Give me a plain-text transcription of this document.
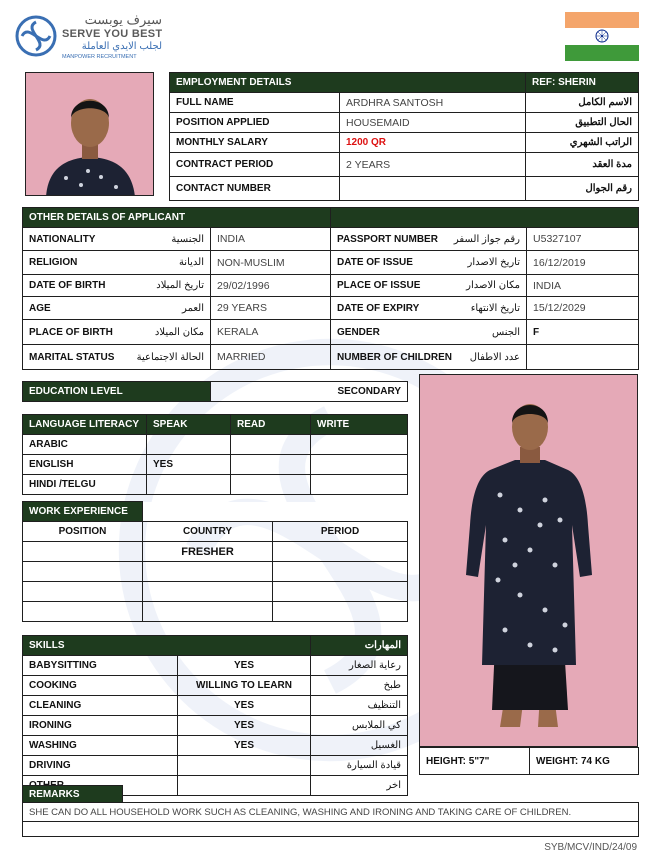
سيرف يوبست
SERVE YOU BEST
لجلب الايدي العاملة
MANPOWER RECRUITMENT
EMPLOYMENT DETAILS		REF: SHERIN
FULL NAME	ARDHRA SANTOSH	الاسم الكامل
POSITION APPLIED	HOUSEMAID	الحال التطبيق
MONTHLY SALARY	1200 QR	الراتب الشهري
CONTRACT PERIOD	2 YEARS	مدة العقد
CONTACT NUMBER		رقم الجوال
OTHER DETAILS OF APPLICANT			

NATIONALITY الجنسية	INDIA	PASSPORT NUMBER رقم جواز السفر	U5327107

RELIGION الديانة	NON-MUSLIM	DATE OF ISSUE تاريخ الاصدار	16/12/2019

DATE OF BIRTH تاريخ الميلاد	29/02/1996	PLACE OF ISSUE مكان الاصدار	INDIA

AGE العمر	29 YEARS	DATE OF EXPIRY تاريخ الانتهاء	15/12/2029

PLACE OF BIRTH مكان الميلاد	KERALA	GENDER الجنس	F

MARITAL STATUS الحالة الاجتماعية	MARRIED	NUMBER OF CHILDREN عدد الاطفال	

EDUCATION LEVEL	SECONDARY
LANGUAGE LITERACY	SPEAK	READ	WRITE
ARABIC			
ENGLISH	YES		
HINDI /TELGU			
WORK EXPERIENCE		
POSITION	COUNTRY	PERIOD
	FRESHER	

SKILLS		المهارات
BABYSITTING	YES	رعاية الصغار
COOKING	WILLING TO LEARN	طبخ
CLEANING	YES	التنظيف
IRONING	YES	كي الملابس
WASHING	YES	الغسيل
DRIVING		قيادة السيارة
		اخر
HEIGHT: 5"7"	WEIGHT: 74 KG
REMARKS	
SHE CAN DO ALL HOUSEHOLD WORK SUCH AS CLEANING, WASHING AND IRONING AND TAKING CARE OF CHILDREN.

SYB/MCV/IND/24/09
